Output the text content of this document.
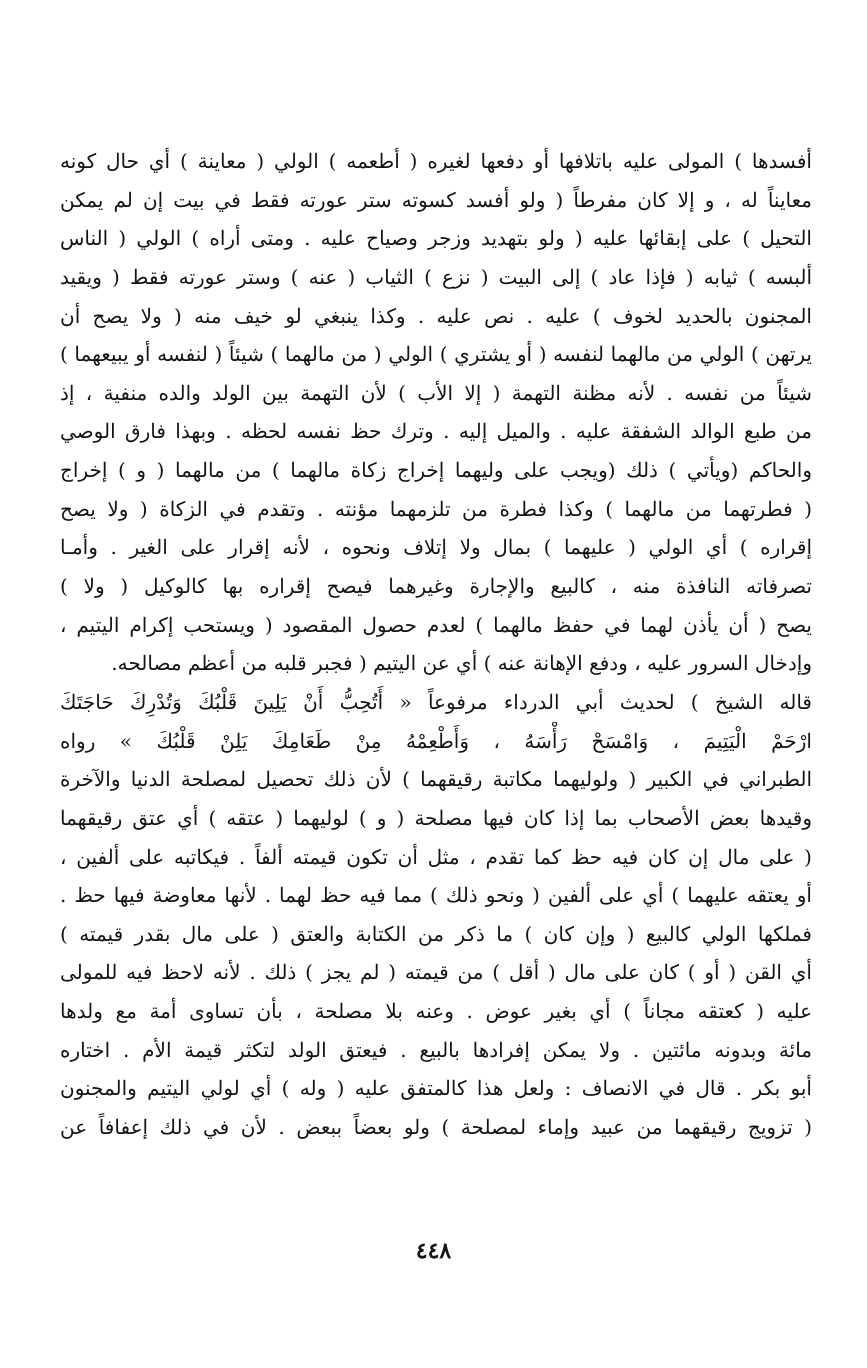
أفسدها ) المولى عليه باتلافها أو دفعها لغيره ( أطعمه ) الولي ( معاينة ) أي حال كونه
معايناً له ، و إلا كان مفرطاً ( ولو أفسد كسوته ستر عورته فقط في بيت إن لم يمكن
التحيل ) على إبقائها عليه ( ولو بتهديد وزجر وصياح عليه . ومتى أراه ) الولي ( الناس
ألبسه ) ثيابه ( فإذا عاد ) إلى البيت ( نزع ) الثياب ( عنه ) وستر عورته فقط ( ويقيد
المجنون بالحديد لخوف ) عليه . نص عليه . وكذا ينبغي لو خيف منه ( ولا يصح أن
يرتهن ) الولي من مالهما لنفسه ( أو يشتري ) الولي ( من مالهما ) شيئاً ( لنفسه أو يبيعهما )
شيئاً من نفسه . لأنه مظنة التهمة ( إلا الأب ) لأن التهمة بين الولد والده منفية ، إذ
من طبع الوالد الشفقة عليه . والميل إليه . وترك حظ نفسه لحظه . وبهذا فارق الوصي
والحاكم (ويأتي ) ذلك (ويجب على وليهما إخراج زكاة مالهما ) من مالهما ( و ) إخراج
( فطرتهما من مالهما ) وكذا فطرة من تلزمهما مؤنته . وتقدم في الزكاة ( ولا يصح
إقراره ) أي الولي ( عليهما ) بمال ولا إتلاف ونحوه ، لأنه إقرار على الغير . وأمـا
تصرفاته النافذة منه ، كالبيع والإجارة وغيرهما فيصح إقراره بها كالوكيل ( ولا )
يصح ( أن يأذن لهما في حفظ مالهما ) لعدم حصول المقصود ( ويستحب إكرام اليتيم ،
وإدخال السرور عليه ، ودفع الإهانة عنه ) أي عن اليتيم ( فجبر قلبه من أعظم مصالحه.
قاله الشيخ ) لحديث أبي الدرداء مرفوعاً « أَتُحِبُّ أَنْ يَلِينَ قَلْبُكَ وَتُدْرِكَ حَاجَتَكَ
ارْحَمْ الْيَتِيمَ ، وَامْسَحْ رَأْسَهُ ، وَأَطْعِمْهُ مِنْ طَعَامِكَ يَلِنْ قَلْبُكَ » رواه
الطبراني في الكبير ( ولوليهما مكاتبة رقيقهما ) لأن ذلك تحصيل لمصلحة الدنيا والآخرة
وقيدها بعض الأصحاب بما إذا كان فيها مصلحة ( و ) لوليهما ( عتقه ) أي عتق رقيقهما
( على مال إن كان فيه حظ كما تقدم ، مثل أن تكون قيمته ألفاً . فيكاتبه على ألفين ،
أو يعتقه عليهما ) أي على ألفين ( ونحو ذلك ) مما فيه حظ لهما . لأنها معاوضة فيها حظ .
فملكها الولي كالبيع ( وإن كان ) ما ذكر من الكتابة والعتق ( على مال بقدر قيمته )
أي القن ( أو ) كان على مال ( أقل ) من قيمته ( لم يجز ) ذلك . لأنه لاحظ فيه للمولى
عليه ( كعتقه مجاناً ) أي بغير عوض . وعنه بلا مصلحة ، بأن تساوى أمة مع ولدها
مائة وبدونه مائتين . ولا يمكن إفرادها بالبيع . فيعتق الولد لتكثر قيمة الأم . اختاره
أبو بكر . قال في الانصاف : ولعل هذا كالمتفق عليه ( وله ) أي لولي اليتيم والمجنون
( تزويج رقيقهما من عبيد وإماء لمصلحة ) ولو بعضاً ببعض . لأن في ذلك إعفافاً عن
٤٤٨
